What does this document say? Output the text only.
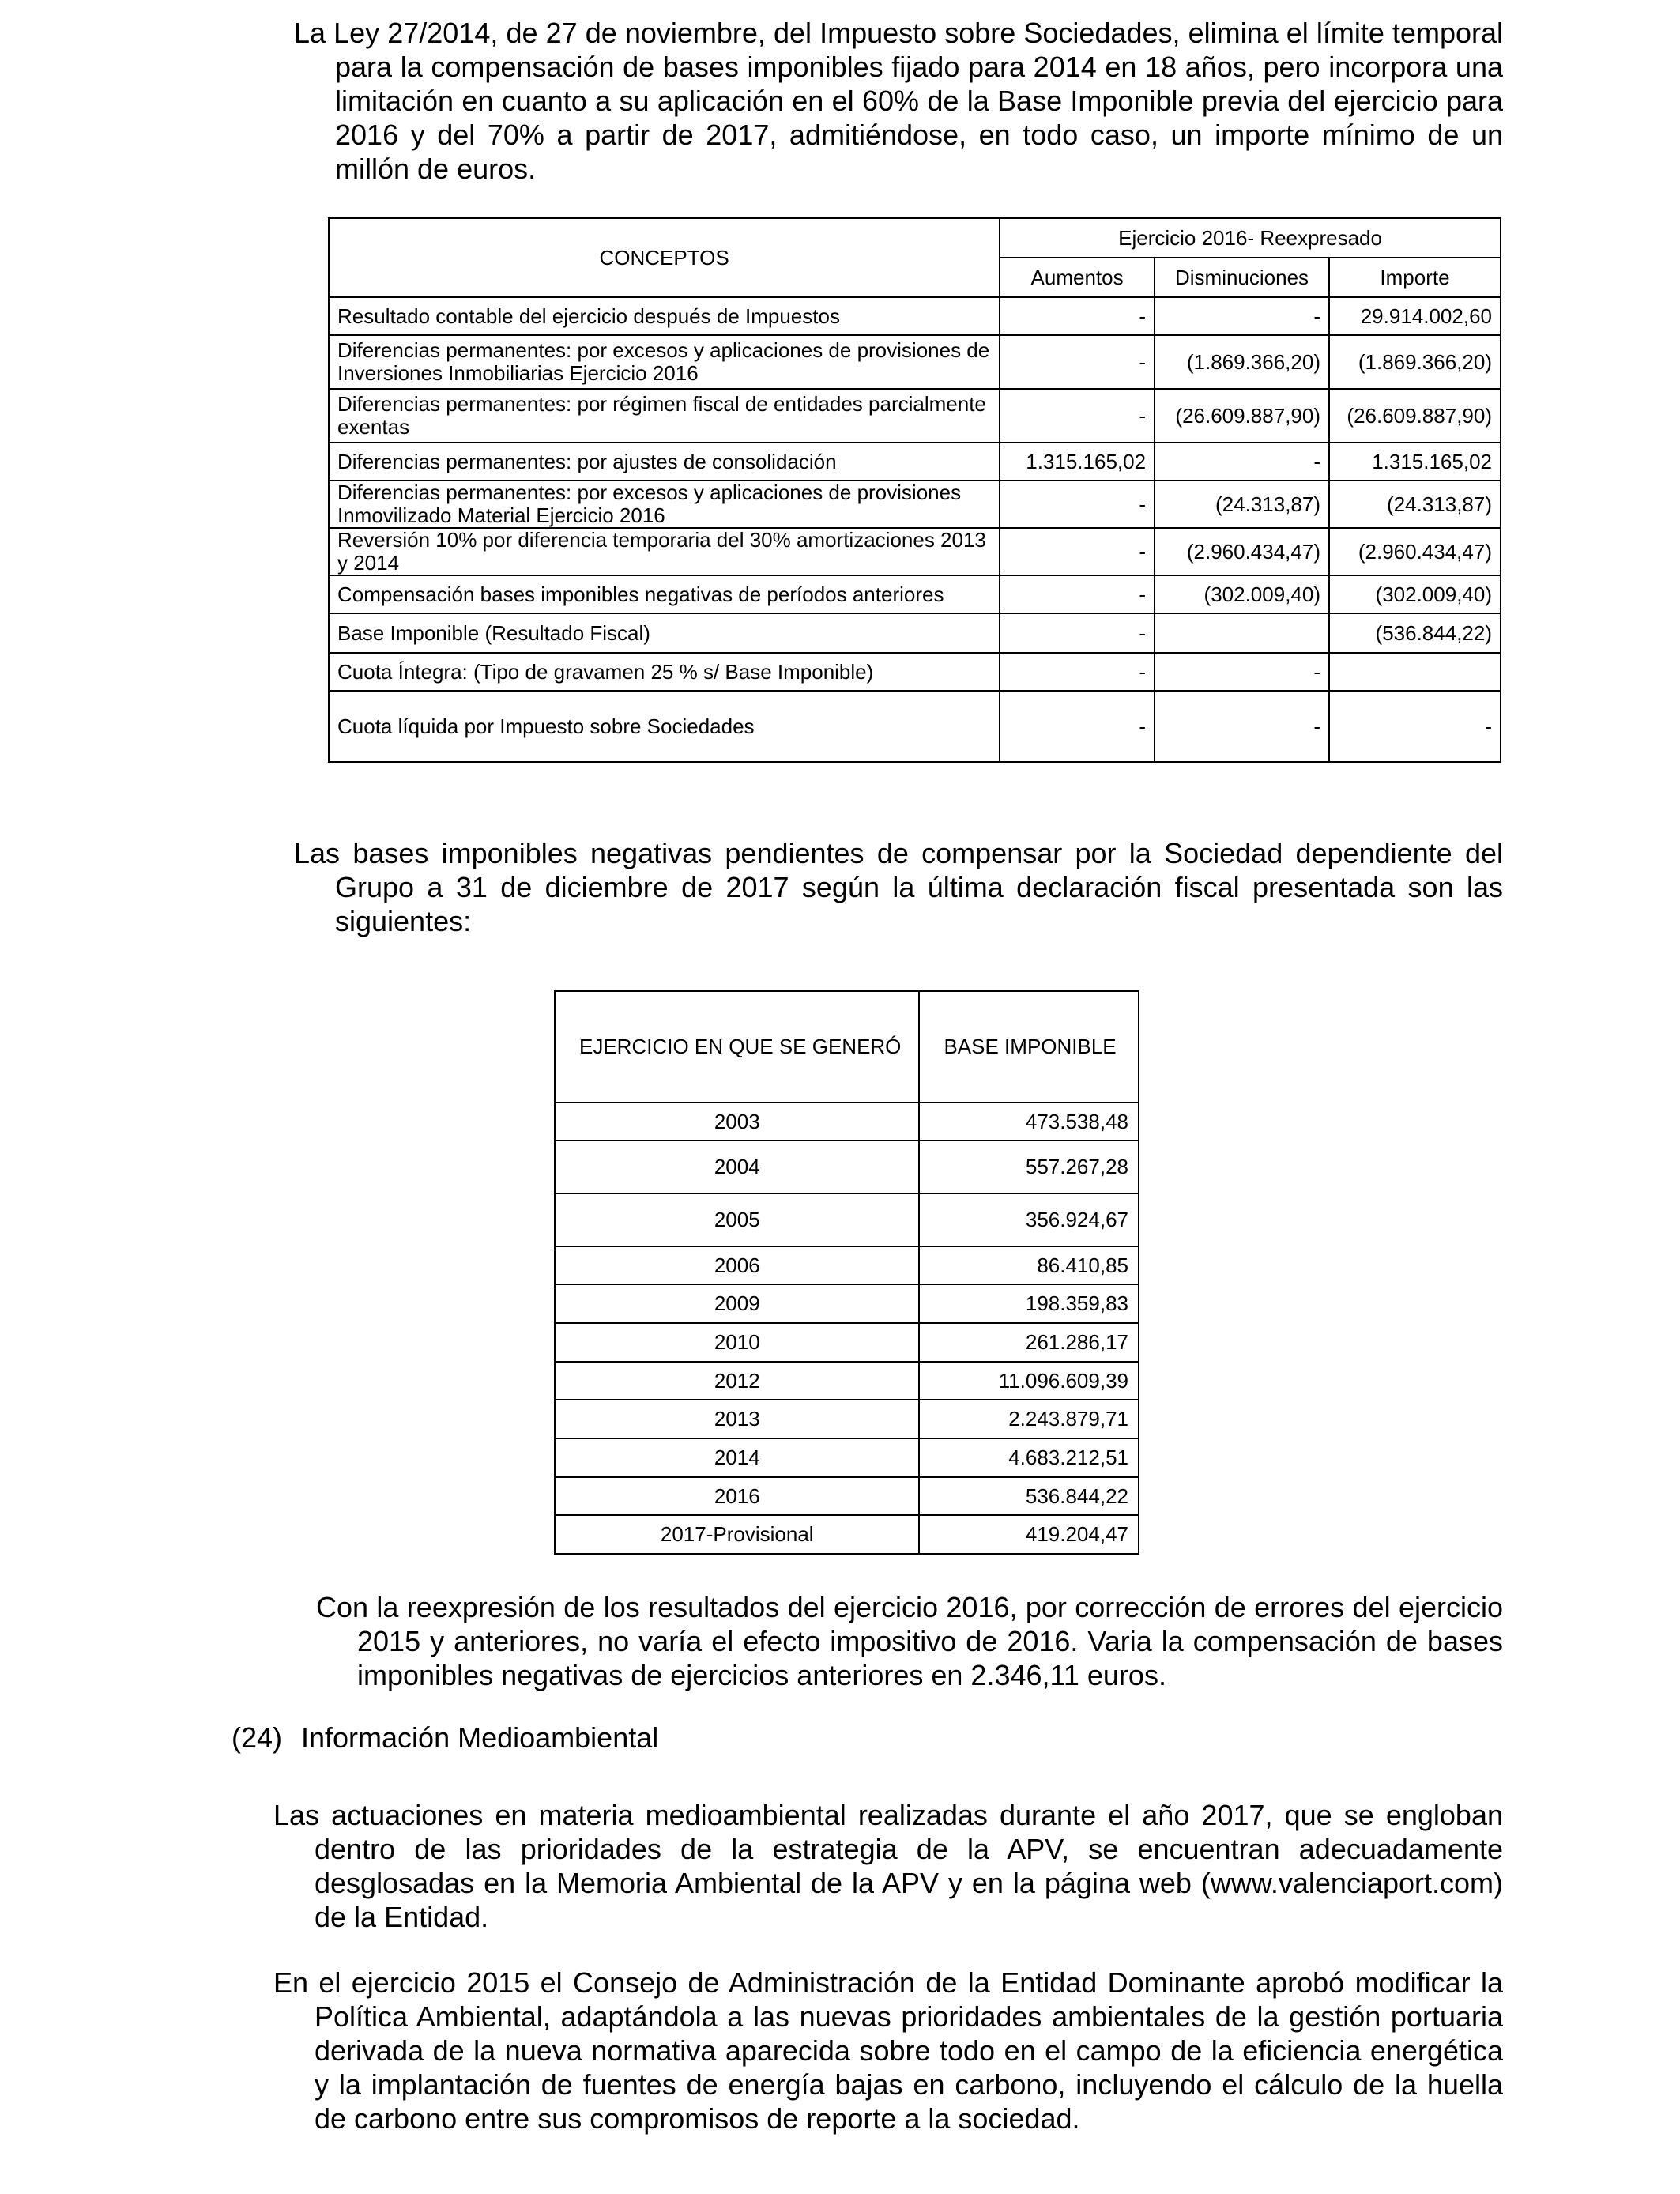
La Ley 27/2014, de 27 de noviembre, del Impuesto sobre Sociedades, elimina el límite temporal para la compensación de bases imponibles fijado para 2014 en 18 años, pero incorpora una limitación en cuanto a su aplicación en el 60% de la Base Imponible previa del ejercicio para 2016 y del 70% a partir de 2017, admitiéndose, en todo caso, un importe mínimo de un millón de euros.

CONCEPTOS	Ejercicio 2016- Reexpresado		
	Aumentos	Disminuciones	Importe
Resultado contable del ejercicio después de Impuestos	-	-	29.914.002,60
Diferencias permanentes: por excesos y aplicaciones de provisiones de Inversiones Inmobiliarias Ejercicio 2016	-	(1.869.366,20)	(1.869.366,20)
Diferencias permanentes: por régimen fiscal de entidades parcialmente exentas	-	(26.609.887,90)	(26.609.887,90)
Diferencias permanentes: por ajustes de consolidación	1.315.165,02	-	1.315.165,02
Diferencias permanentes: por excesos y aplicaciones de provisiones Inmovilizado Material Ejercicio 2016	-	(24.313,87)	(24.313,87)
Reversión 10% por diferencia temporaria del 30% amortizaciones 2013 y 2014	-	(2.960.434,47)	(2.960.434,47)
Compensación bases imponibles negativas de períodos anteriores	-	(302.009,40)	(302.009,40)
Base Imponible (Resultado Fiscal)	-		(536.844,22)
Cuota Íntegra: (Tipo de gravamen 25 % s/ Base Imponible)	-	-	
Cuota líquida por Impuesto sobre Sociedades	-	-	-

Las bases imponibles negativas pendientes de compensar por la Sociedad dependiente del Grupo a 31 de diciembre de 2017 según la última declaración fiscal presentada son las siguientes:

EJERCICIO EN QUE SE GENERÓ	BASE IMPONIBLE
2003	473.538,48
2004	557.267,28
2005	356.924,67
2006	86.410,85
2009	198.359,83
2010	261.286,17
2012	11.096.609,39
2013	2.243.879,71
2014	4.683.212,51
2016	536.844,22
2017-Provisional	419.204,47

Con la reexpresión de los resultados del ejercicio 2016, por corrección de errores del ejercicio 2015 y anteriores, no varía el efecto impositivo de 2016. Varia la compensación de bases imponibles negativas de ejercicios anteriores en 2.346,11 euros.

(24) Información Medioambiental

Las actuaciones en materia medioambiental realizadas durante el año 2017, que se engloban dentro de las prioridades de la estrategia de la APV, se encuentran adecuadamente desglosadas en la Memoria Ambiental de la APV y en la página web (www.valenciaport.com) de la Entidad.

En el ejercicio 2015 el Consejo de Administración de la Entidad Dominante aprobó modificar la Política Ambiental, adaptándola a las nuevas prioridades ambientales de la gestión portuaria derivada de la nueva normativa aparecida sobre todo en el campo de la eficiencia energética y la implantación de fuentes de energía bajas en carbono, incluyendo el cálculo de la huella de carbono entre sus compromisos de reporte a la sociedad.
